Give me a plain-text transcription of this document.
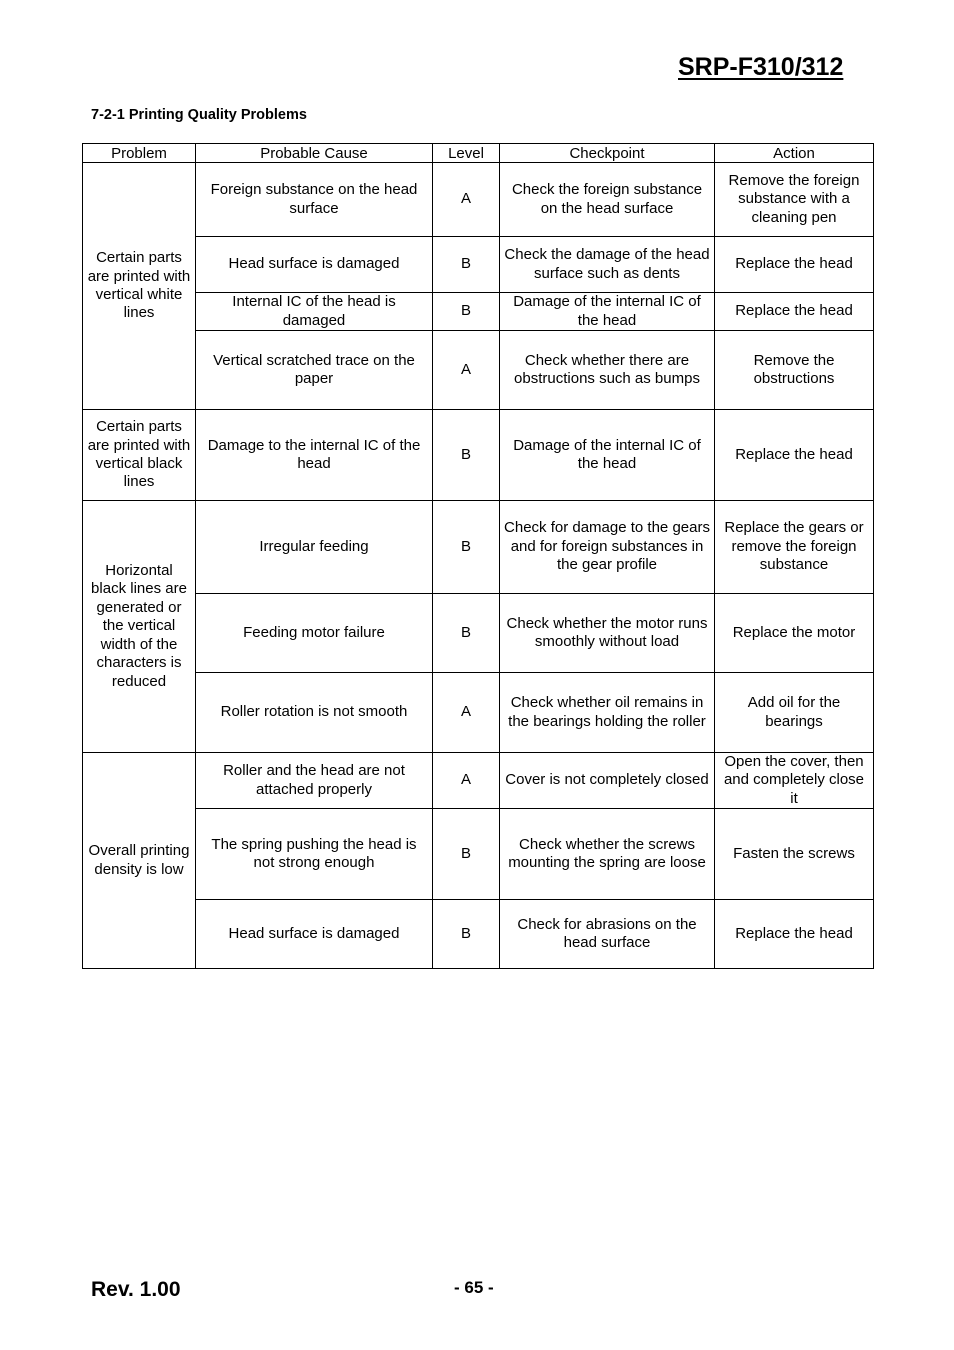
SRP-F310/312
7-2-1 Printing Quality Problems
Problem	Probable Cause	Level	Checkpoint	Action
Certain parts are printed with vertical white lines	Foreign substance on the head surface	A	Check the foreign substance on the head surface	Remove the foreign substance with a cleaning pen
	Head surface is damaged	B	Check the damage of the head surface such as dents	Replace the head
	Internal IC of the head is damaged	B	Damage of the internal IC of the head	Replace the head
	Vertical scratched trace on the paper	A	Check whether there are obstructions such as bumps	Remove the obstructions
Certain parts are printed with vertical black lines	Damage to the internal IC of the head	B	Damage of the internal IC of the head	Replace the head
Horizontal black lines are generated or the vertical width of the characters is reduced	Irregular feeding	B	Check for damage to the gears and for foreign substances in the gear profile	Replace the gears or remove the foreign substance
	Feeding motor failure	B	Check whether the motor runs smoothly without load	Replace the motor
	Roller rotation is not smooth	A	Check whether oil remains in the bearings holding the roller	Add oil for the bearings
Overall printing density is low	Roller and the head are not attached properly	A	Cover is not completely closed	Open the cover, then and completely close it
	The spring pushing the head is not strong enough	B	Check whether the screws mounting the spring are loose	Fasten the screws
	Head surface is damaged	B	Check for abrasions on the head surface	Replace the head
Rev. 1.00	- 65 -
